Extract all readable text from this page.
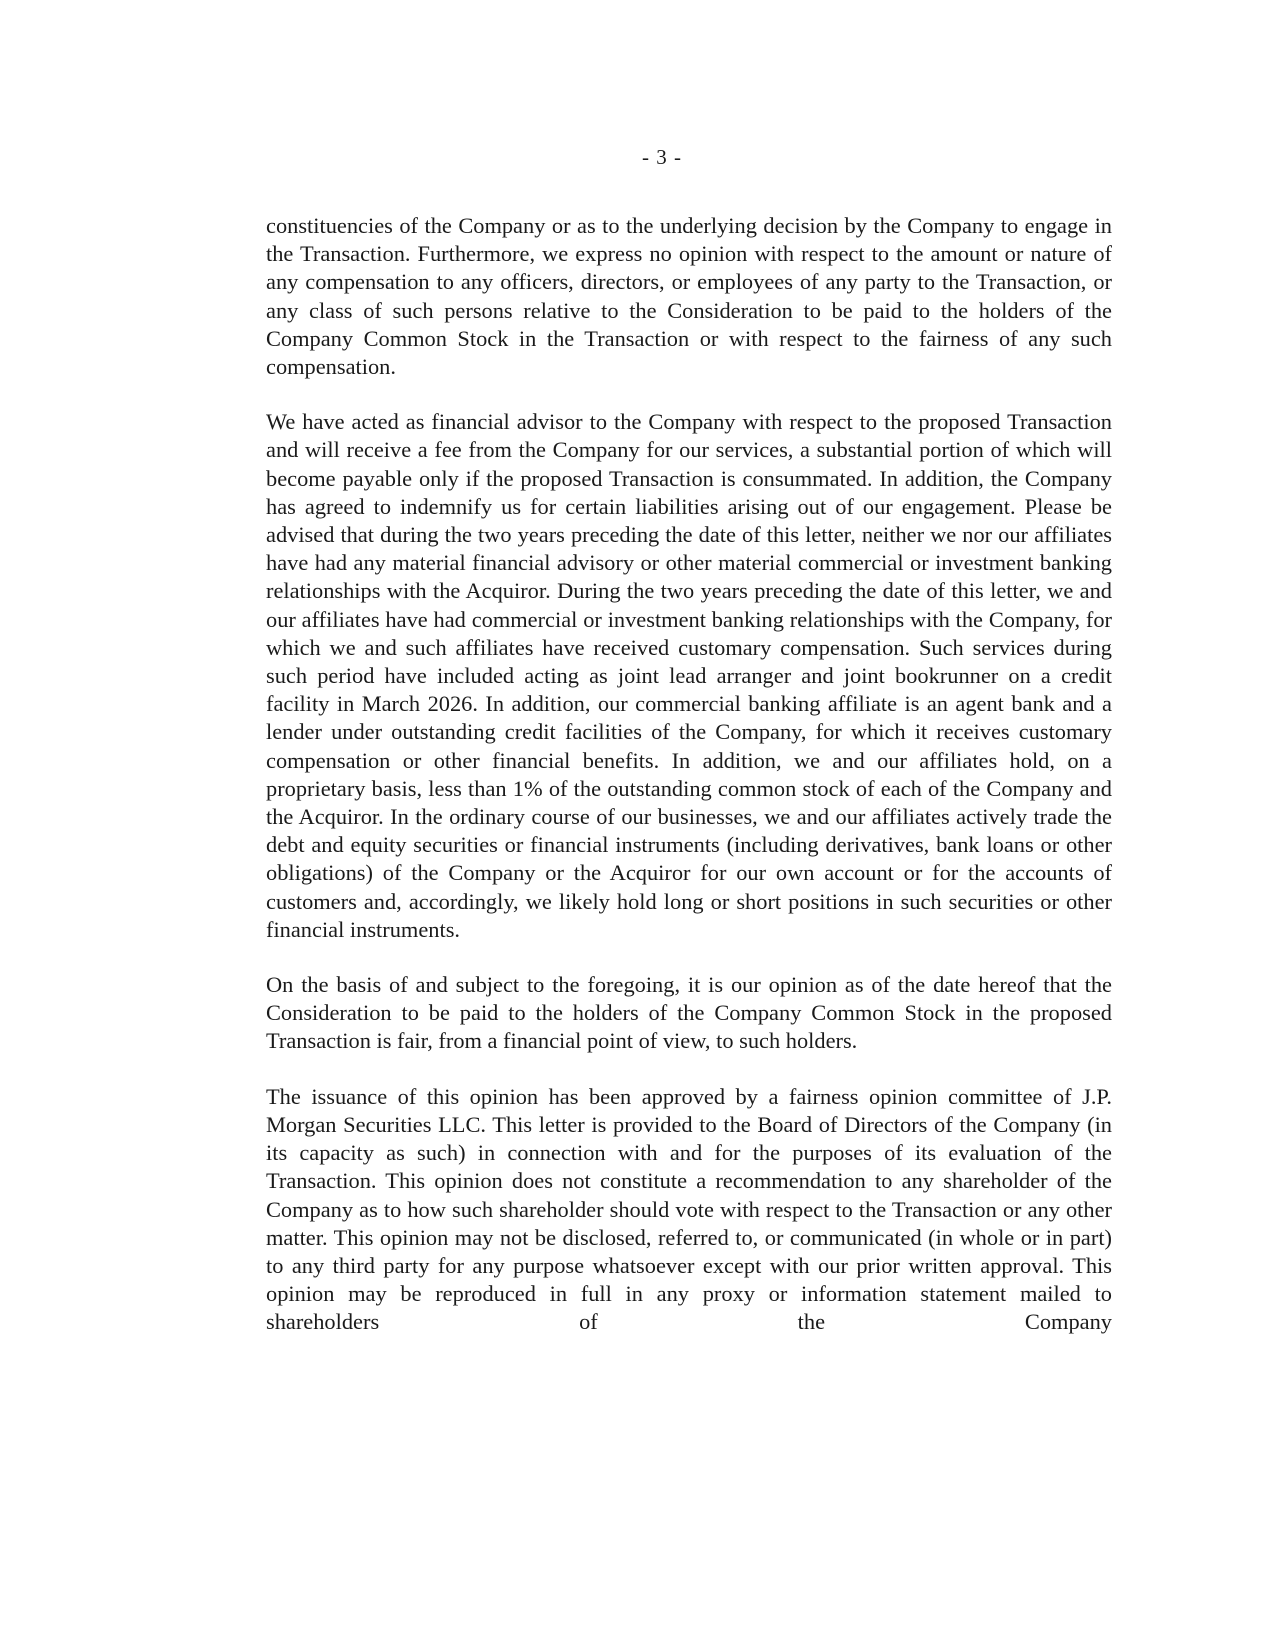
- 3 -

constituencies of the Company or as to the underlying decision by the Company to engage in the Transaction. Furthermore, we express no opinion with respect to the amount or nature of any compensation to any officers, directors, or employees of any party to the Transaction, or any class of such persons relative to the Consideration to be paid to the holders of the Company Common Stock in the Transaction or with respect to the fairness of any such compensation.

We have acted as financial advisor to the Company with respect to the proposed Transaction and will receive a fee from the Company for our services, a substantial portion of which will become payable only if the proposed Transaction is consummated. In addition, the Company has agreed to indemnify us for certain liabilities arising out of our engagement. Please be advised that during the two years preceding the date of this letter, neither we nor our affiliates have had any material financial advisory or other material commercial or investment banking relationships with the Acquiror. During the two years preceding the date of this letter, we and our affiliates have had commercial or investment banking relationships with the Company, for which we and such affiliates have received customary compensation. Such services during such period have included acting as joint lead arranger and joint bookrunner on a credit facility in March 2026. In addition, our commercial banking affiliate is an agent bank and a lender under outstanding credit facilities of the Company, for which it receives customary compensation or other financial benefits. In addition, we and our affiliates hold, on a proprietary basis, less than 1% of the outstanding common stock of each of the Company and the Acquiror. In the ordinary course of our businesses, we and our affiliates actively trade the debt and equity securities or financial instruments (including derivatives, bank loans or other obligations) of the Company or the Acquiror for our own account or for the accounts of customers and, accordingly, we likely hold long or short positions in such securities or other financial instruments.

On the basis of and subject to the foregoing, it is our opinion as of the date hereof that the Consideration to be paid to the holders of the Company Common Stock in the proposed Transaction is fair, from a financial point of view, to such holders.

The issuance of this opinion has been approved by a fairness opinion committee of J.P. Morgan Securities LLC. This letter is provided to the Board of Directors of the Company (in its capacity as such) in connection with and for the purposes of its evaluation of the Transaction. This opinion does not constitute a recommendation to any shareholder of the Company as to how such shareholder should vote with respect to the Transaction or any other matter. This opinion may not be disclosed, referred to, or communicated (in whole or in part) to any third party for any purpose whatsoever except with our prior written approval. This opinion may be reproduced in full in any proxy or information statement mailed to shareholders of the Company
